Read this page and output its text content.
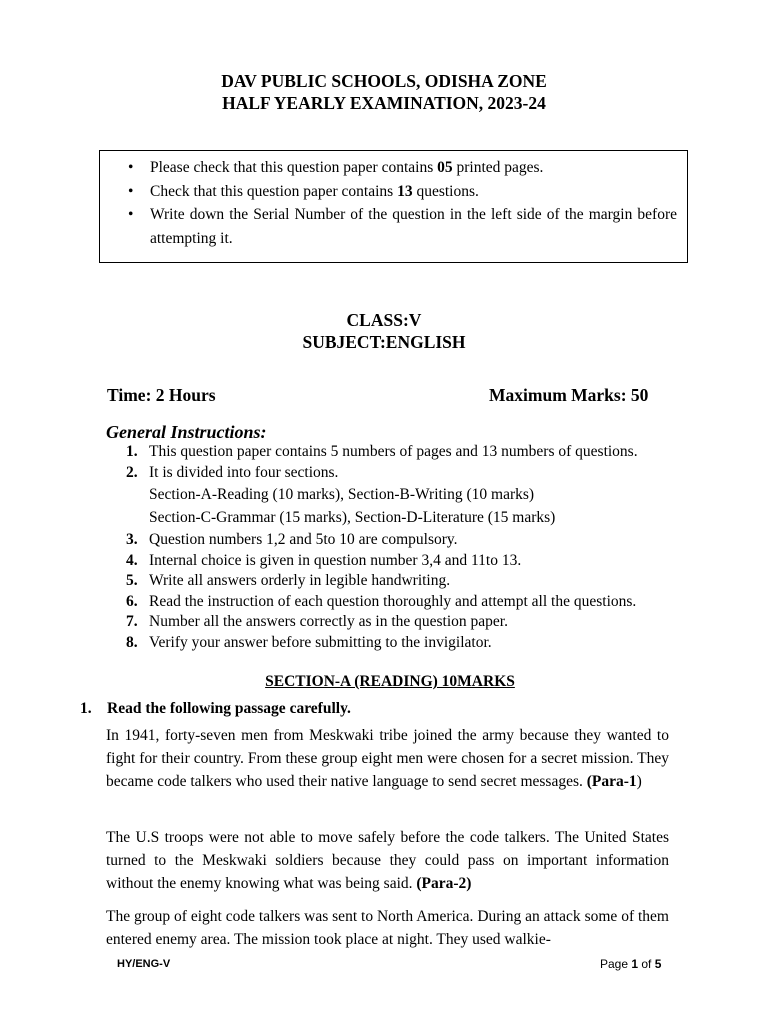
DAV PUBLIC SCHOOLS, ODISHA ZONE
HALF YEARLY EXAMINATION, 2023-24
• Please check that this question paper contains 05 printed pages.
• Check that this question paper contains 13 questions.
• Write down the Serial Number of the question in the left side of the margin before attempting it.
CLASS:V
SUBJECT:ENGLISH
Time: 2 Hours	Maximum Marks: 50
General Instructions:
1. This question paper contains 5 numbers of pages and 13 numbers of questions.
2. It is divided into four sections.
Section-A-Reading (10 marks), Section-B-Writing (10 marks)
Section-C-Grammar (15 marks), Section-D-Literature (15 marks)
3. Question numbers 1,2 and 5to 10 are compulsory.
4. Internal choice is given in question number 3,4 and 11to 13.
5. Write all answers orderly in legible handwriting.
6. Read the instruction of each question thoroughly and attempt all the questions.
7. Number all the answers correctly as in the question paper.
8. Verify your answer before submitting to the invigilator.
SECTION-A (READING) 10MARKS
1. Read the following passage carefully.
In 1941, forty-seven men from Meskwaki tribe joined the army because they wanted to fight for their country. From these group eight men were chosen for a secret mission. They became code talkers who used their native language to send secret messages. (Para-1)
The U.S troops were not able to move safely before the code talkers. The United States turned to the Meskwaki soldiers because they could pass on important information without the enemy knowing what was being said. (Para-2)
The group of eight code talkers was sent to North America. During an attack some of them entered enemy area. The mission took place at night. They used walkie-
HY/ENG-V	Page 1 of 5
